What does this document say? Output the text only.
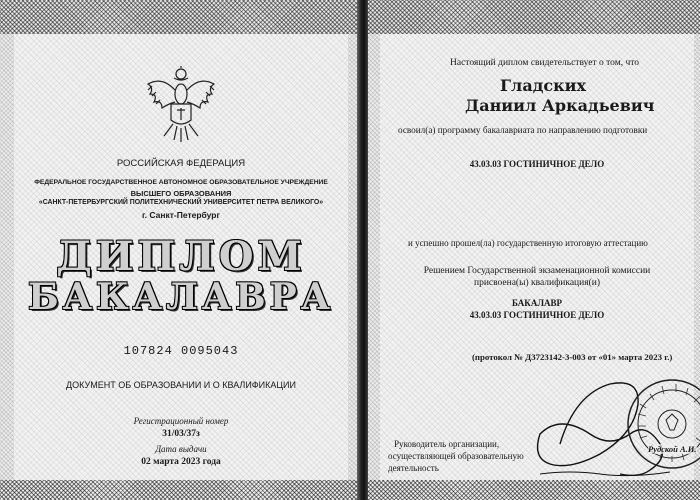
РОССИЙСКАЯ ФЕДЕРАЦИЯ
ФЕДЕРАЛЬНОЕ ГОСУДАРСТВЕННОЕ АВТОНОМНОЕ ОБРАЗОВАТЕЛЬНОЕ УЧРЕЖДЕНИЕ
ВЫСШЕГО ОБРАЗОВАНИЯ
«САНКТ-ПЕТЕРБУРГСКИЙ ПОЛИТЕХНИЧЕСКИЙ УНИВЕРСИТЕТ ПЕТРА ВЕЛИКОГО»
г. Санкт-Петербург
ДИПЛОМ
БАКАЛАВРА
107824 0095043
ДОКУМЕНТ ОБ ОБРАЗОВАНИИ И О КВАЛИФИКАЦИИ
Регистрационный номер
31/03/37з
Дата выдачи
02 марта 2023 года
Настоящий диплом свидетельствует о том, что
Гладских
Даниил Аркадьевич
освоил(а) программу бакалавриата по направлению подготовки
43.03.03 ГОСТИНИЧНОЕ ДЕЛО
и успешно прошел(ла) государственную итоговую аттестацию
Решением Государственной экзаменационной комиссии
присвоена(ы) квалификация(и)
БАКАЛАВР
43.03.03 ГОСТИНИЧНОЕ ДЕЛО
(протокол № Д3723142-3-003 от «01» марта 2023 г.)
Руководитель организации,
осуществляющей образовательную
деятельность
Рудской А.И.
